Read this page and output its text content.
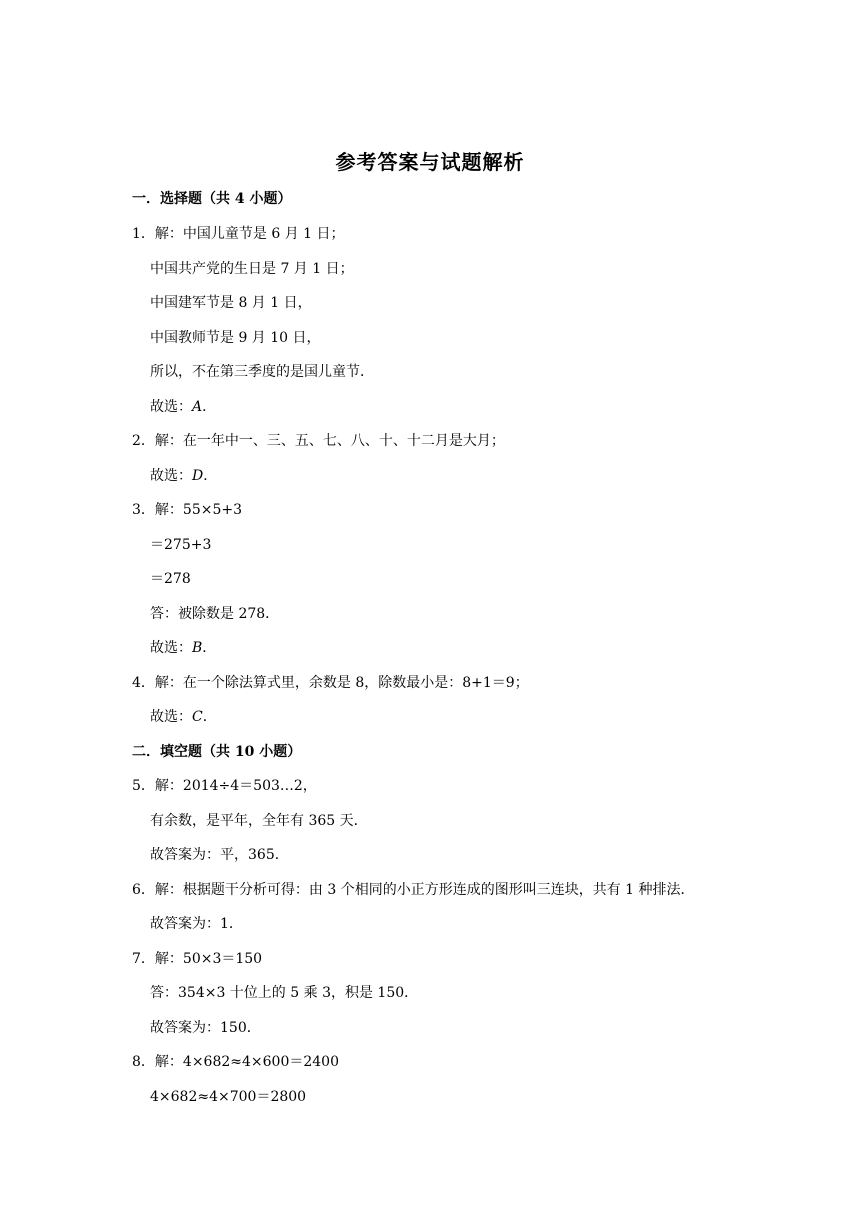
参考答案与试题解析
一．选择题（共 4 小题）
1．解：中国儿童节是 6 月 1 日；
中国共产党的生日是 7 月 1 日；
中国建军节是 8 月 1 日，
中国教师节是 9 月 10 日，
所以，不在第三季度的是国儿童节．
故选：A．
2．解：在一年中一、三、五、七、八、十、十二月是大月；
故选：D．
3．解：55×5+3
＝275+3
＝278
答：被除数是 278．
故选：B．
4．解：在一个除法算式里，余数是 8，除数最小是：8+1＝9；
故选：C．
二．填空题（共 10 小题）
5．解：2014÷4＝503…2，
有余数，是平年，全年有 365 天．
故答案为：平，365．
6．解：根据题干分析可得：由 3 个相同的小正方形连成的图形叫三连块，共有 1 种排法．
故答案为：1．
7．解：50×3＝150
答：354×3 十位上的 5 乘 3，积是 150．
故答案为：150．
8．解：4×682≈4×600＝2400
4×682≈4×700＝2800
